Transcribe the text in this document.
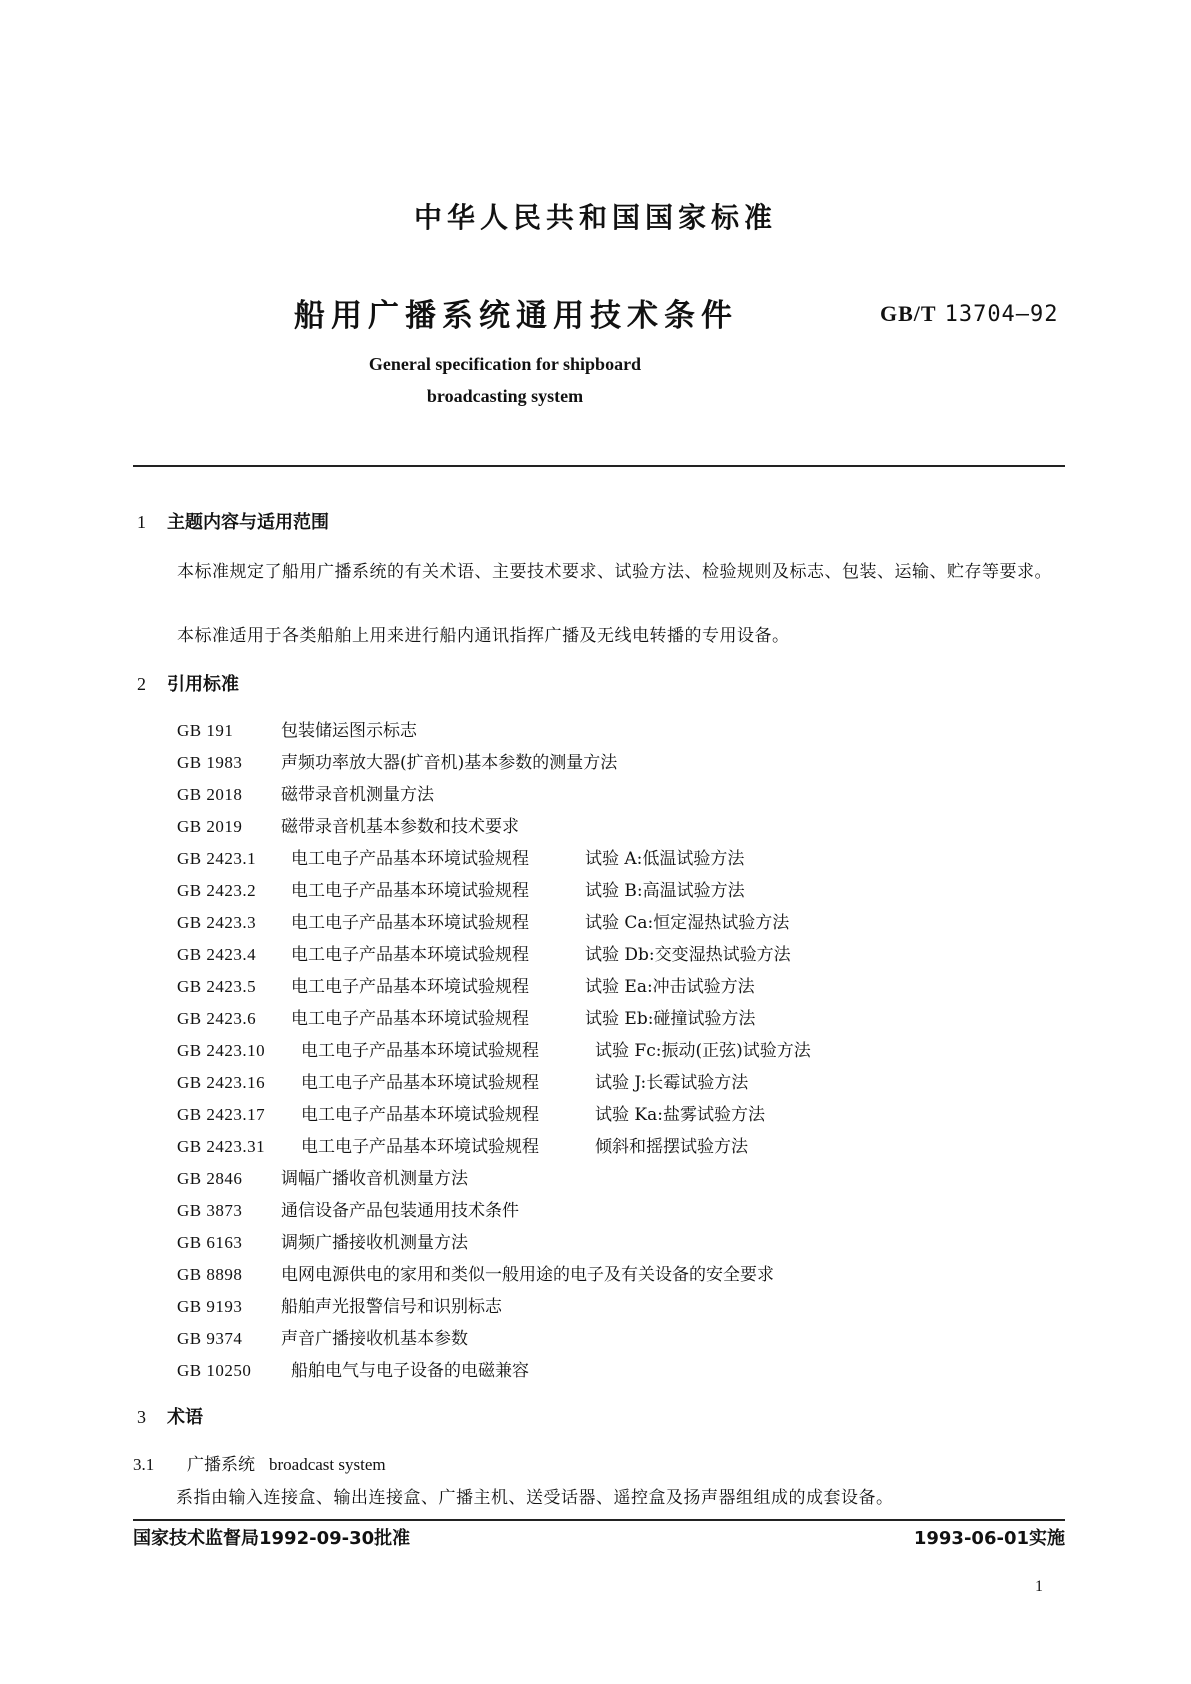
中华人民共和国国家标准
船用广播系统通用技术条件	GB/T 13704—92
General specification for shipboard
broadcasting system
1 主题内容与适用范围
本标准规定了船用广播系统的有关术语、主要技术要求、试验方法、检验规则及标志、包装、运输、贮存等要求。
本标准适用于各类船舶上用来进行船内通讯指挥广播及无线电转播的专用设备。
2 引用标准
GB 191	包装储运图示标志
GB 1983 声频功率放大器(扩音机)基本参数的测量方法
GB 2018 磁带录音机测量方法
GB 2019 磁带录音机基本参数和技术要求
GB 2423.1 电工电子产品基本环境试验规程	试验 A:低温试验方法
GB 2423.2 电工电子产品基本环境试验规程	试验 B:高温试验方法
GB 2423.3 电工电子产品基本环境试验规程	试验 Ca:恒定湿热试验方法
GB 2423.4 电工电子产品基本环境试验规程	试验 Db:交变湿热试验方法
GB 2423.5 电工电子产品基本环境试验规程	试验 Ea:冲击试验方法
GB 2423.6 电工电子产品基本环境试验规程	试验 Eb:碰撞试验方法
GB 2423.10 电工电子产品基本环境试验规程	试验 Fc:振动(正弦)试验方法
GB 2423.16 电工电子产品基本环境试验规程	试验 J:长霉试验方法
GB 2423.17 电工电子产品基本环境试验规程	试验 Ka:盐雾试验方法
GB 2423.31 电工电子产品基本环境试验规程	倾斜和摇摆试验方法
GB 2846 调幅广播收音机测量方法
GB 3873 通信设备产品包装通用技术条件
GB 6163 调频广播接收机测量方法
GB 8898 电网电源供电的家用和类似一般用途的电子及有关设备的安全要求
GB 9193 船舶声光报警信号和识别标志
GB 9374 声音广播接收机基本参数
GB 10250 船舶电气与电子设备的电磁兼容
3 术语
3.1 广播系统 broadcast system
系指由输入连接盒、输出连接盒、广播主机、送受话器、遥控盒及扬声器组组成的成套设备。
国家技术监督局1992-09-30批准	1993-06-01实施
1
